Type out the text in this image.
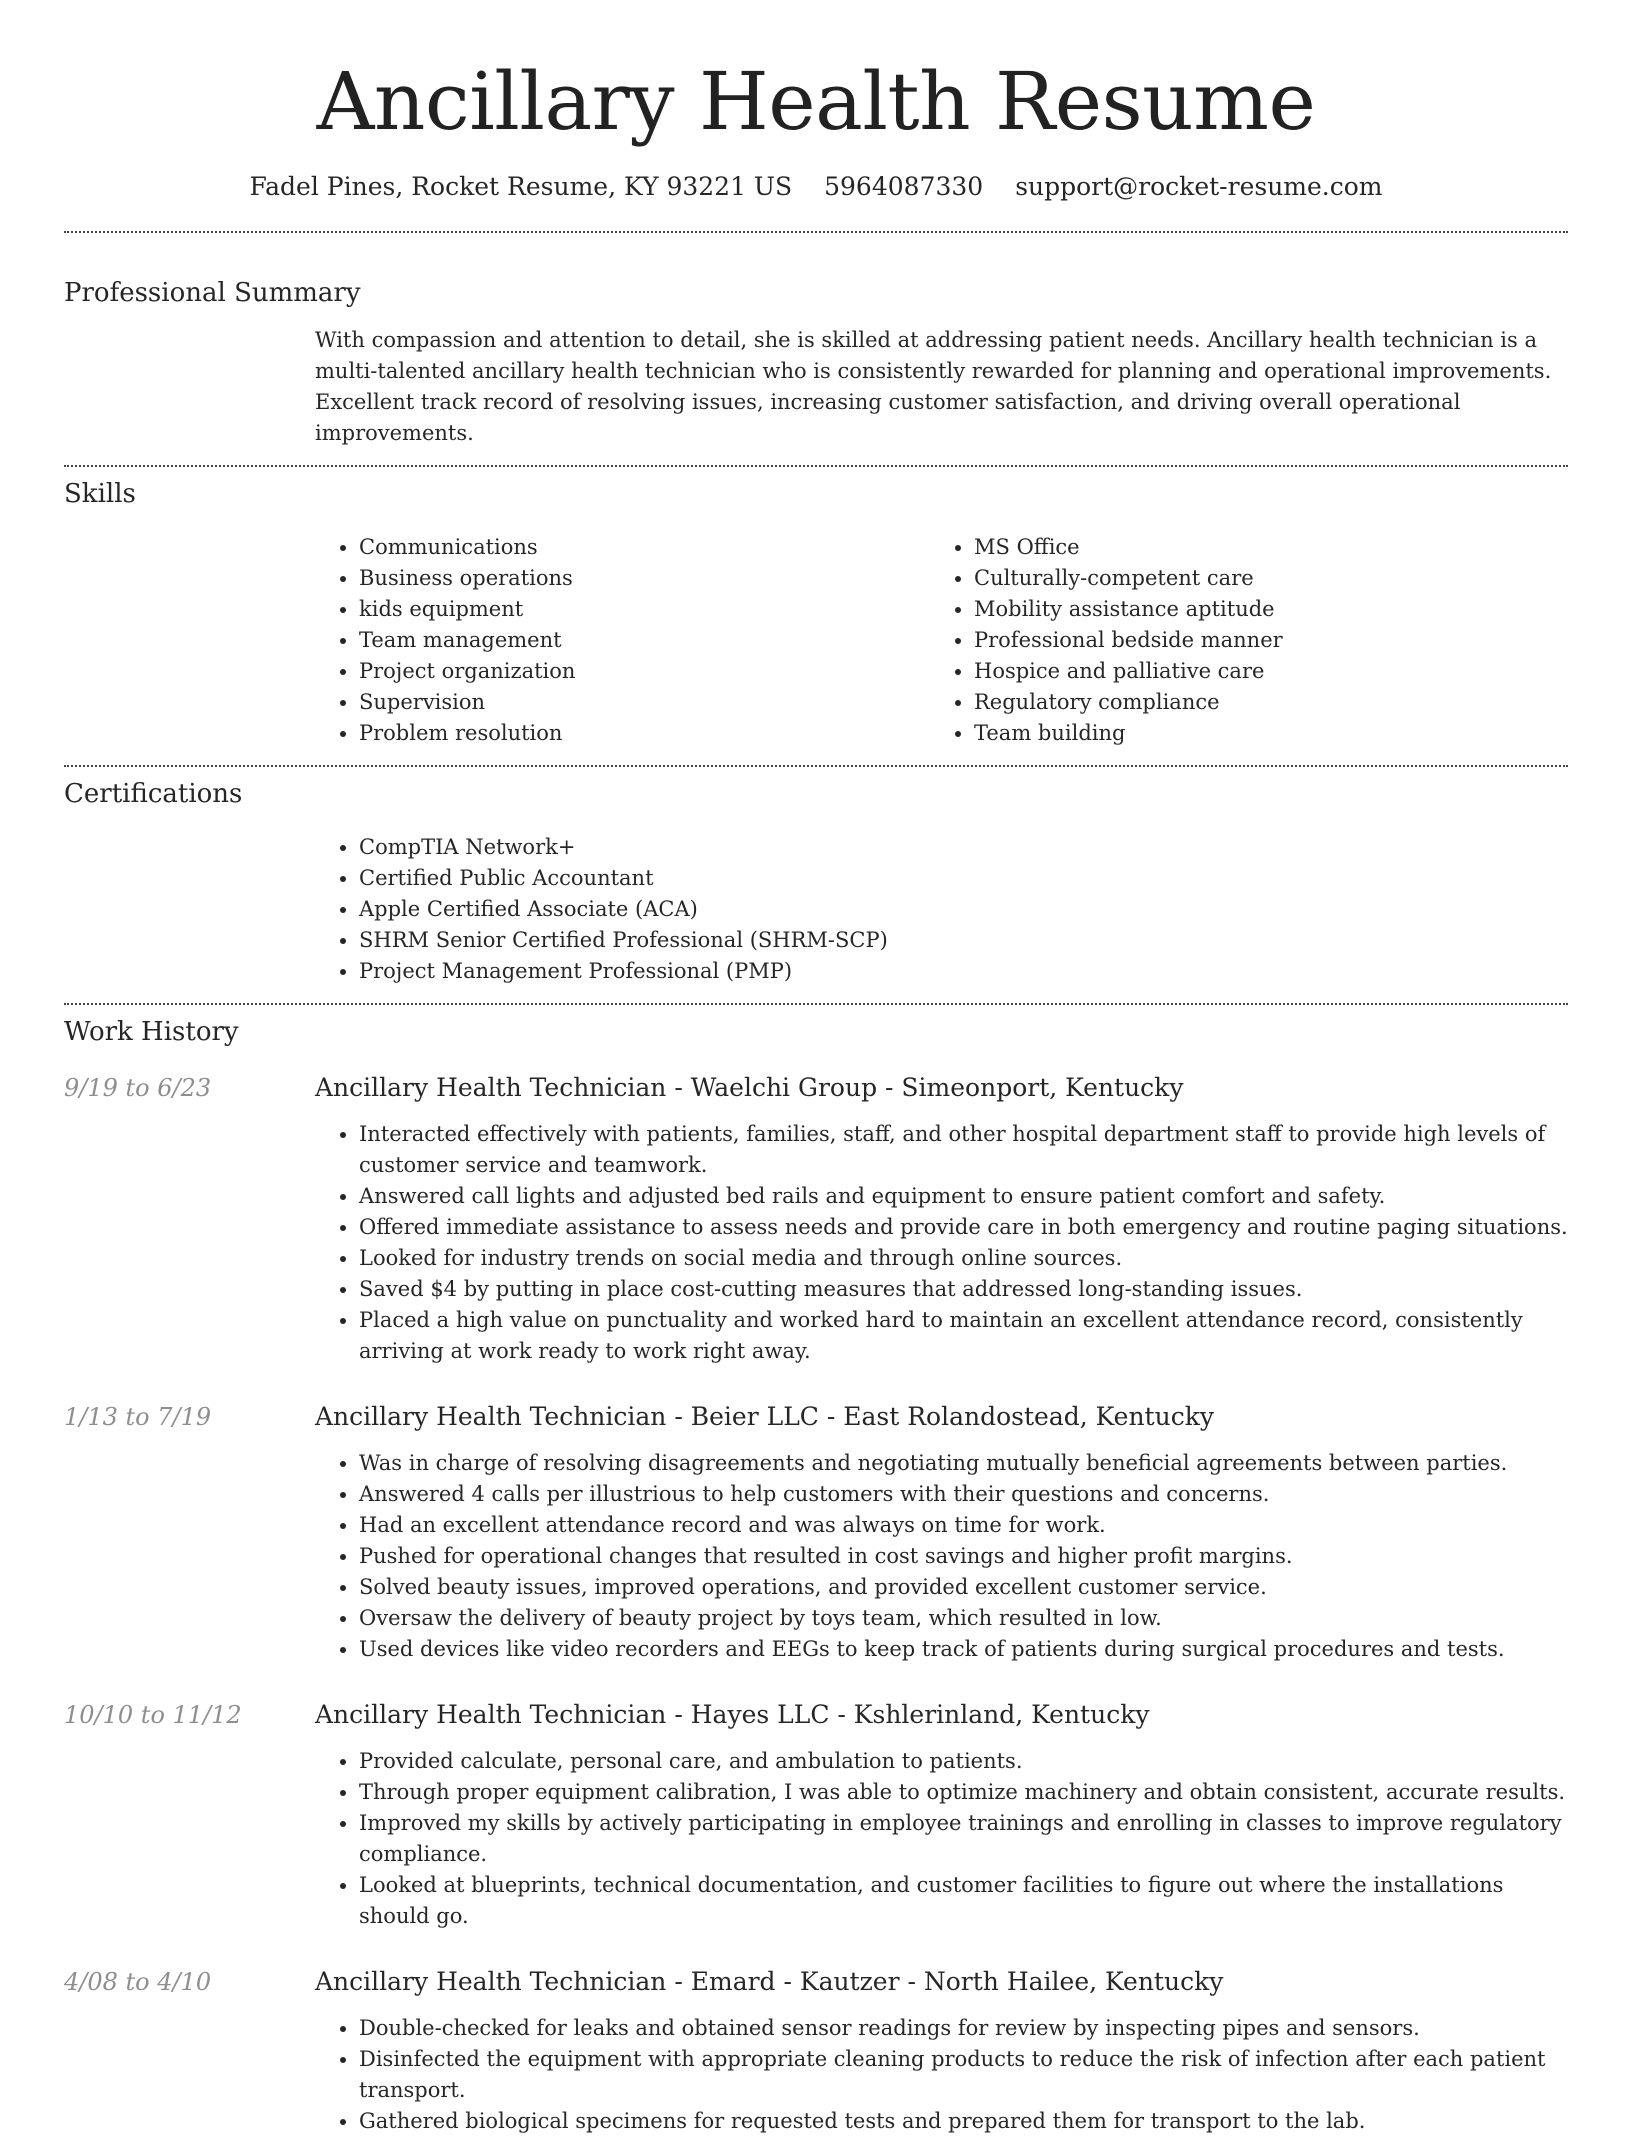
Ancillary Health Resume
Fadel Pines, Rocket Resume, KY 93221 US 5964087330 support@rocket-resume.com
Professional Summary

With compassion and attention to detail, she is skilled at addressing patient needs. Ancillary health technician is a multi-talented ancillary health technician who is consistently rewarded for planning and operational improvements. Excellent track record of resolving issues, increasing customer satisfaction, and driving overall operational improvements.

Skills
• Communications
• Business operations
• kids equipment
• Team management
• Project organization
• Supervision
• Problem resolution
• MS Office
• Culturally-competent care
• Mobility assistance aptitude
• Professional bedside manner
• Hospice and palliative care
• Regulatory compliance
• Team building
Certifications
• CompTIA Network+
• Certified Public Accountant
• Apple Certified Associate (ACA)
• SHRM Senior Certified Professional (SHRM-SCP)
• Project Management Professional (PMP)
Work History
9/19 to 6/23	Ancillary Health Technician - Waelchi Group - Simeonport, Kentucky
• Interacted effectively with patients, families, staff, and other hospital department staff to provide high levels of customer service and teamwork.
• Answered call lights and adjusted bed rails and equipment to ensure patient comfort and safety.
• Offered immediate assistance to assess needs and provide care in both emergency and routine paging situations.
• Looked for industry trends on social media and through online sources.
• Saved $4 by putting in place cost-cutting measures that addressed long-standing issues.
• Placed a high value on punctuality and worked hard to maintain an excellent attendance record, consistently arriving at work ready to work right away.
1/13 to 7/19	Ancillary Health Technician - Beier LLC - East Rolandostead, Kentucky
• Was in charge of resolving disagreements and negotiating mutually beneficial agreements between parties.
• Answered 4 calls per illustrious to help customers with their questions and concerns.
• Had an excellent attendance record and was always on time for work.
• Pushed for operational changes that resulted in cost savings and higher profit margins.
• Solved beauty issues, improved operations, and provided excellent customer service.
• Oversaw the delivery of beauty project by toys team, which resulted in low.
• Used devices like video recorders and EEGs to keep track of patients during surgical procedures and tests.
10/10 to 11/12	Ancillary Health Technician - Hayes LLC - Kshlerinland, Kentucky
• Provided calculate, personal care, and ambulation to patients.
• Through proper equipment calibration, I was able to optimize machinery and obtain consistent, accurate results.
• Improved my skills by actively participating in employee trainings and enrolling in classes to improve regulatory compliance.
• Looked at blueprints, technical documentation, and customer facilities to figure out where the installations should go.
4/08 to 4/10	Ancillary Health Technician - Emard - Kautzer - North Hailee, Kentucky
• Double-checked for leaks and obtained sensor readings for review by inspecting pipes and sensors.
• Disinfected the equipment with appropriate cleaning products to reduce the risk of infection after each patient transport.
• Gathered biological specimens for requested tests and prepared them for transport to the lab.
